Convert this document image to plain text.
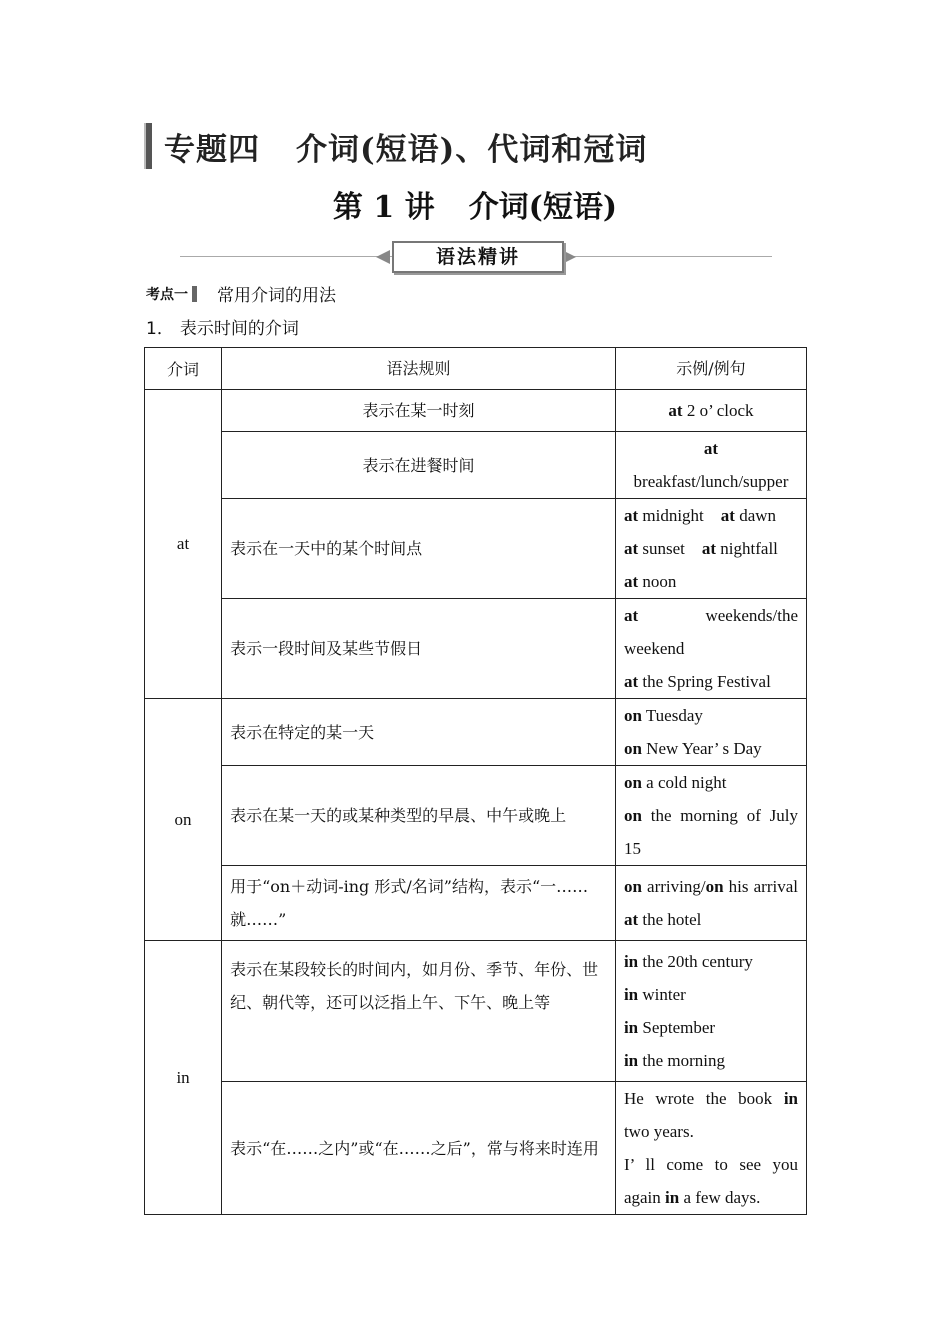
专题四 介词(短语)、代词和冠词
第 1 讲 介词(短语)
语法精讲
考点一 常用介词的用法
1． 表示时间的介词
介词	语法规则	示例/例句
at	表示在某一时刻	at 2 o’ clock

	表示在进餐时间	at
breakfast/lunch/supper

	表示在一天中的某个时间点	at midnight　at dawn
at sunset　at nightfall
at noon

	表示一段时间及某些节假日	at weekends/the weekend
at the Spring Festival

on	表示在特定的某一天	on Tuesday
on New Year’ s Day

	表示在某一天的或某种类型的早晨、中午或晚上	on a cold night
on the morning of July 15

	用于“on＋动词-ing 形式/名词”结构，表示“一……就……”	on arriving/on his arrival at the hotel

in	表示在某段较长的时间内，如月份、季节、年份、世纪、朝代等，还可以泛指上午、下午、晚上等	in the 20th century
in winter
in September
in the morning

	表示“在……之内”或“在……之后”，常与将来时连用	He wrote the book in two years.
I’ ll come to see you again in a few days.
